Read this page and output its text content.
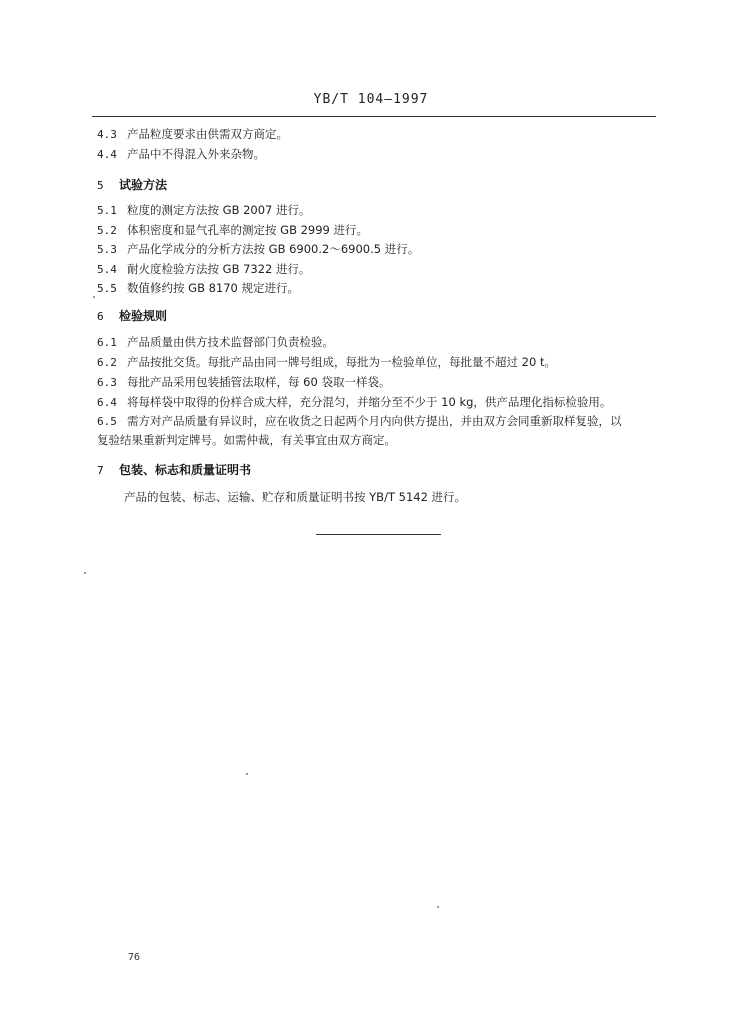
YB/T 104—1997
4.3 产品粒度要求由供需双方商定。
4.4 产品中不得混入外来杂物。
5 试验方法
5.1 粒度的测定方法按 GB 2007 进行。
5.2 体积密度和显气孔率的测定按 GB 2999 进行。
5.3 产品化学成分的分析方法按 GB 6900.2～6900.5 进行。
5.4 耐火度检验方法按 GB 7322 进行。
5.5 数值修约按 GB 8170 规定进行。
6 检验规则
6.1 产品质量由供方技术监督部门负责检验。
6.2 产品按批交货。每批产品由同一牌号组成，每批为一检验单位，每批量不超过 20 t。
6.3 每批产品采用包装插管法取样，每 60 袋取一样袋。
6.4 将每样袋中取得的份样合成大样，充分混匀，并缩分至不少于 10 kg，供产品理化指标检验用。
6.5 需方对产品质量有异议时，应在收货之日起两个月内向供方提出，并由双方会同重新取样复验，以
复验结果重新判定牌号。如需仲裁，有关事宜由双方商定。
7 包装、标志和质量证明书
产品的包装、标志、运输、贮存和质量证明书按 YB/T 5142 进行。
76
